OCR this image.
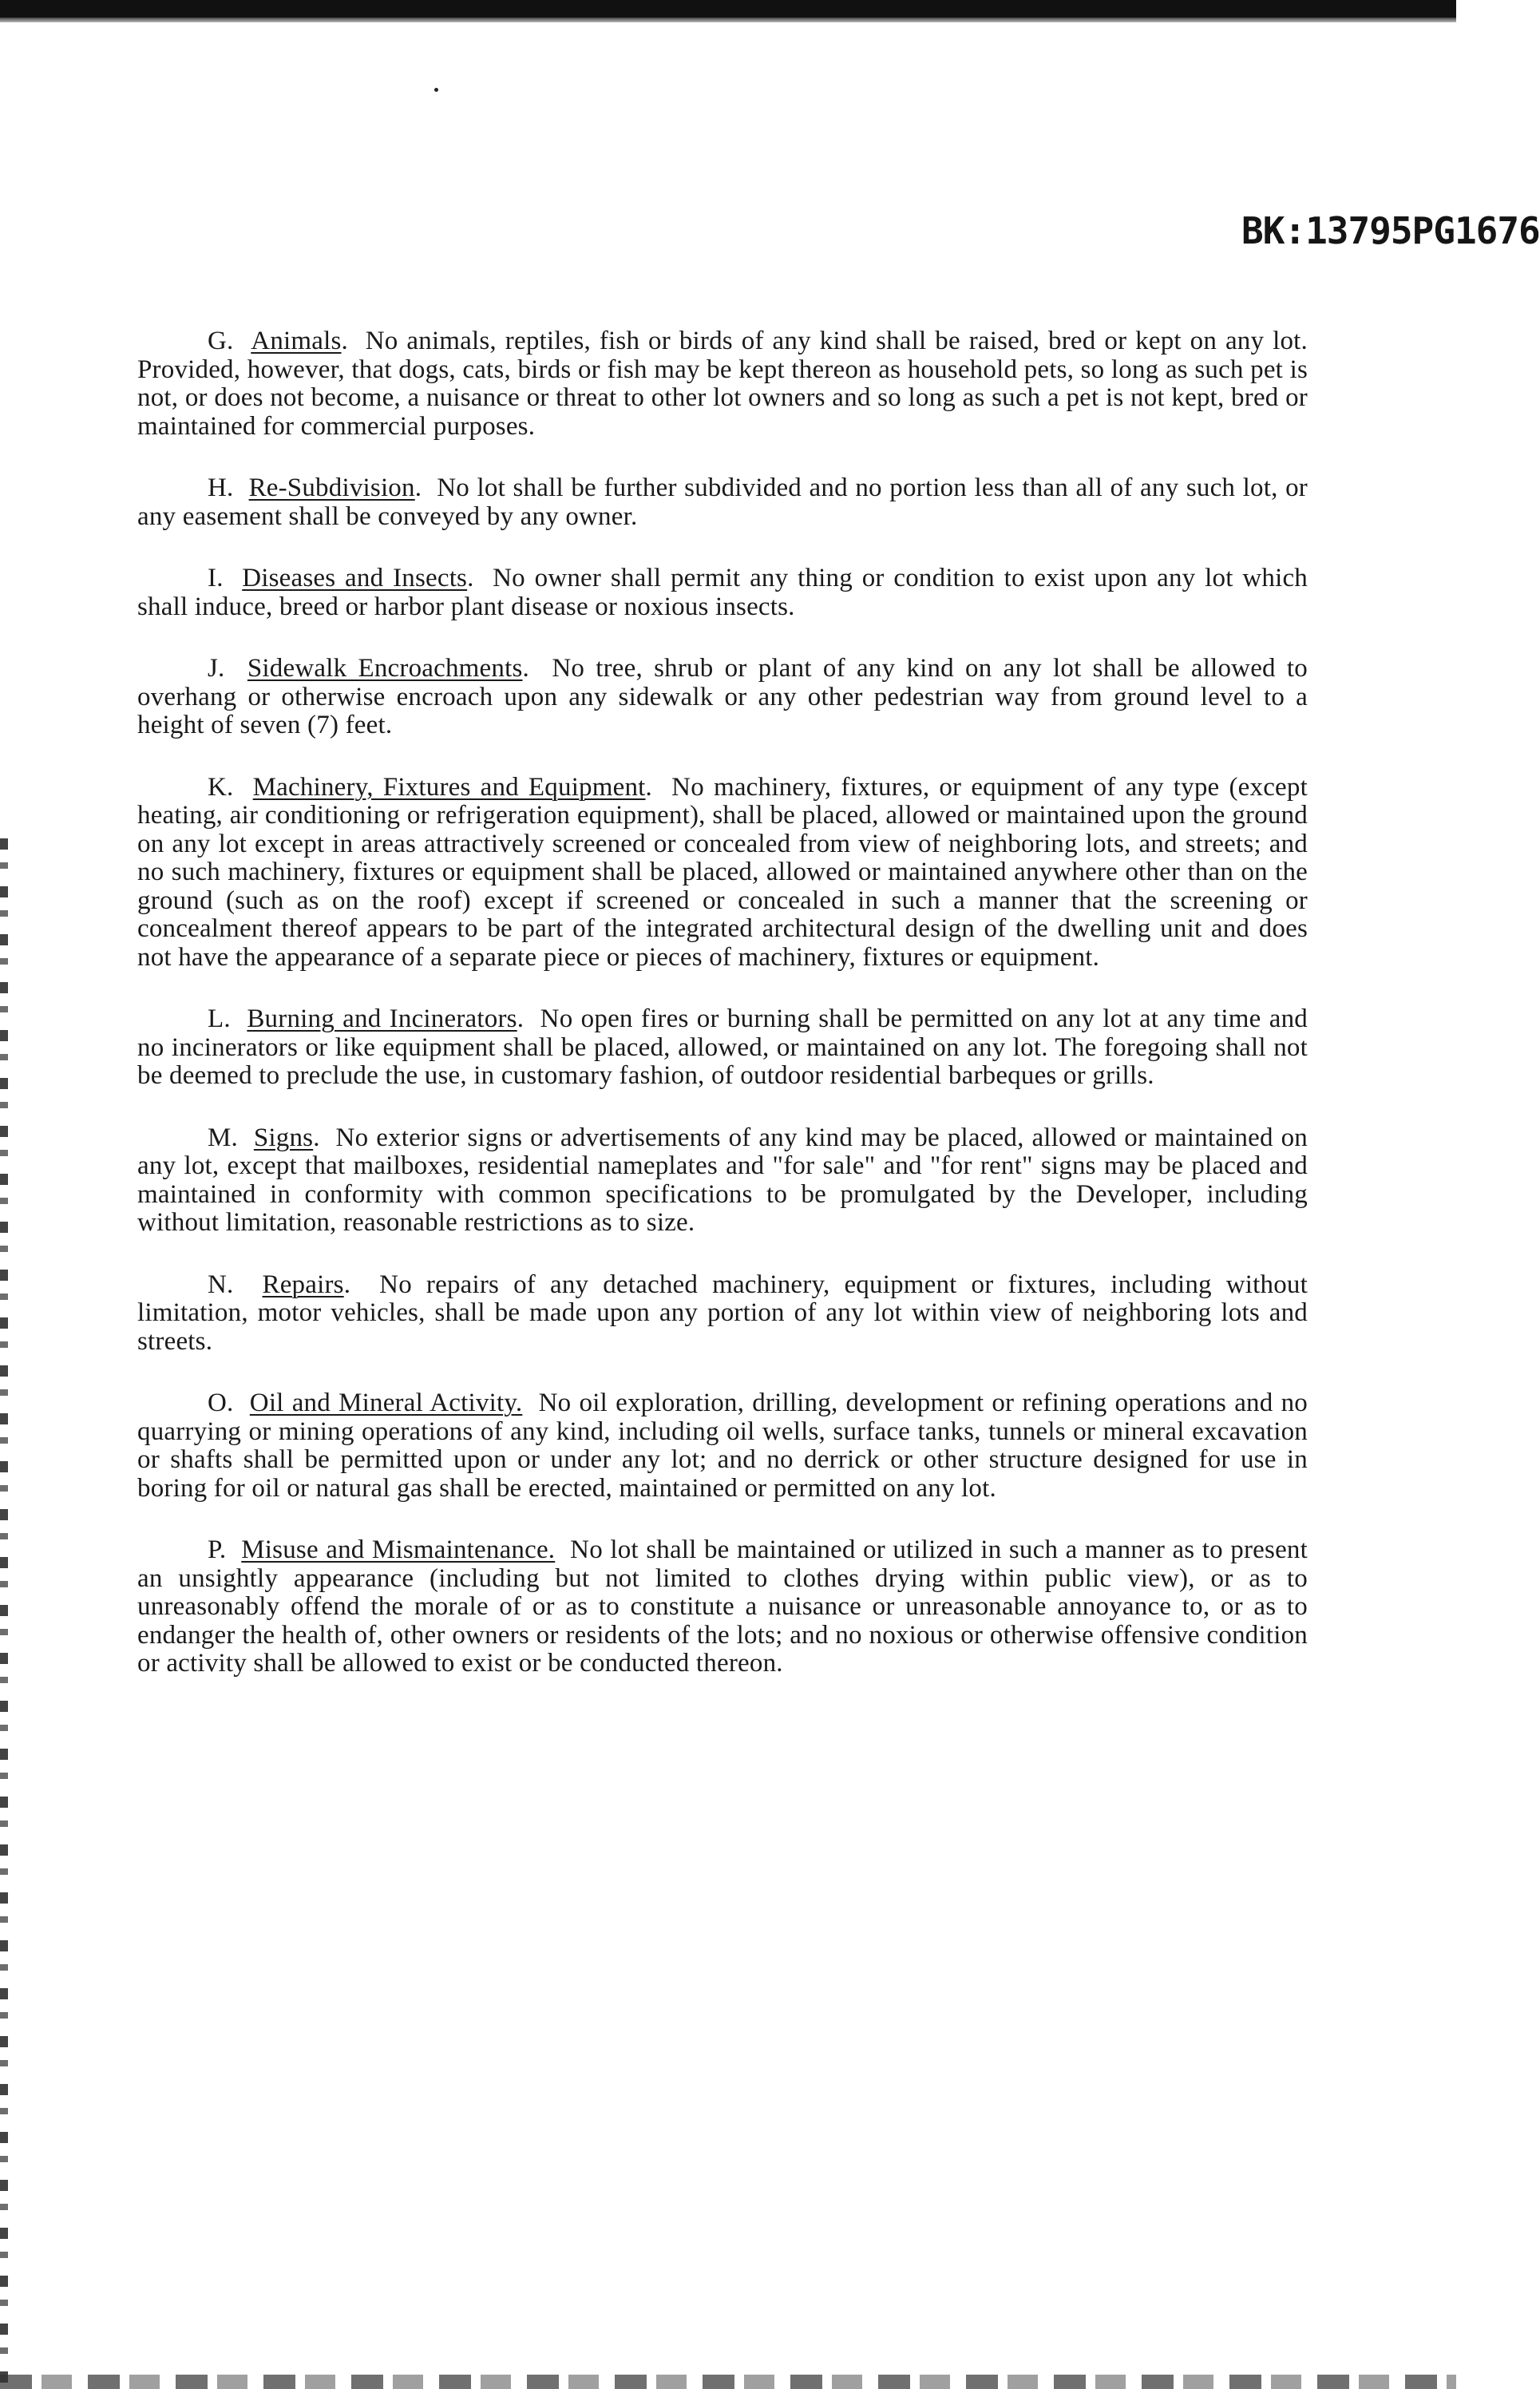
BK:13795PG1676

G. Animals.  No animals, reptiles, fish or birds of any kind shall be raised, bred or kept on any lot. Provided, however, that dogs, cats, birds or fish may be kept thereon as household pets, so long as such pet is not, or does not become, a nuisance or threat to other lot owners and so long as such a pet is not kept, bred or maintained for commercial purposes.

H. Re-Subdivision.  No lot shall be further subdivided and no portion less than all of any such lot, or any easement shall be conveyed by any owner.

I. Diseases and Insects.  No owner shall permit any thing or condition to exist upon any lot which shall induce, breed or harbor plant disease or noxious insects.

J. Sidewalk Encroachments.  No tree, shrub or plant of any kind on any lot shall be allowed to overhang or otherwise encroach upon any sidewalk or any other pedestrian way from ground level to a height of seven (7) feet.

K. Machinery, Fixtures and Equipment.  No machinery, fixtures, or equipment of any type (except heating, air conditioning or refrigeration equipment), shall be placed, allowed or maintained upon the ground on any lot except in areas attractively screened or concealed from view of neighboring lots, and streets; and no such machinery, fixtures or equipment shall be placed, allowed or maintained anywhere other than on the ground (such as on the roof) except if screened or concealed in such a manner that the screening or concealment thereof appears to be part of the integrated architectural design of the dwelling unit and does not have the appearance of a separate piece or pieces of machinery, fixtures or equipment.

L. Burning and Incinerators.  No open fires or burning shall be permitted on any lot at any time and no incinerators or like equipment shall be placed, allowed, or maintained on any lot. The foregoing shall not be deemed to preclude the use, in customary fashion, of outdoor residential barbeques or grills.

M. Signs.  No exterior signs or advertisements of any kind may be placed, allowed or maintained on any lot, except that mailboxes, residential nameplates and "for sale" and "for rent" signs may be placed and maintained in conformity with common specifications to be promulgated by the Developer, including without limitation, reasonable restrictions as to size.

N. Repairs.  No repairs of any detached machinery, equipment or fixtures, including without limitation, motor vehicles, shall be made upon any portion of any lot within view of neighboring lots and streets.

O. Oil and Mineral Activity. No oil exploration, drilling, development or refining operations and no quarrying or mining operations of any kind, including oil wells, surface tanks, tunnels or mineral excavation or shafts shall be permitted upon or under any lot; and no derrick or other structure designed for use in boring for oil or natural gas shall be erected, maintained or permitted on any lot.

P. Misuse and Mismaintenance. No lot shall be maintained or utilized in such a manner as to present an unsightly appearance (including but not limited to clothes drying within public view), or as to unreasonably offend the morale of or as to constitute a nuisance or unreasonable annoyance to, or as to endanger the health of, other owners or residents of the lots; and no noxious or otherwise offensive condition or activity shall be allowed to exist or be conducted thereon.
